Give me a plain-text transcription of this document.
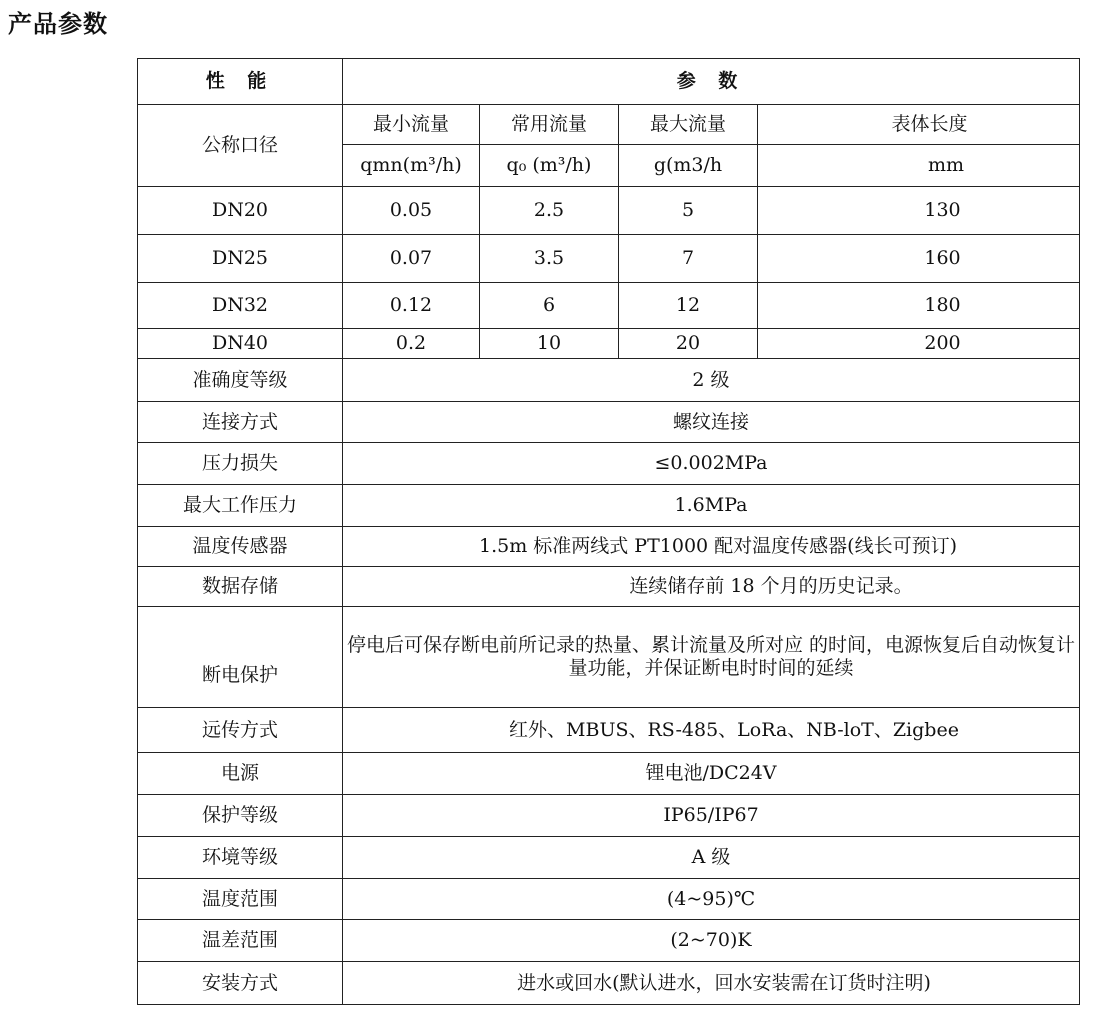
产品参数
性 能	参 数			
公称口径	最小流量	常用流量	最大流量	表体长度
	qmn(m³/h)	q₀ (m³/h)	g(m3/h	mm
DN20	0.05	2.5	5	130
DN25	0.07	3.5	7	160
DN32	0.12	6	12	180
DN40	0.2	10	20	200
准确度等级	2 级			
连接方式	螺纹连接			
压力损失	≤0.002MPa			
最大工作压力	1.6MPa			
温度传感器	1.5m 标准两线式 PT1000 配对温度传感器(线长可预订)			
数据存储	连续储存前 18 个月的历史记录。			
断电保护	停电后可保存断电前所记录的热量、累计流量及所对应 的时间，电源恢复后自动恢复计量功能，并保证断电时时间的延续			
远传方式	红外、MBUS、RS-485、LoRa、NB-loT、Zigbee			
电源	锂电池/DC24V			
保护等级	IP65/IP67			
环境等级	A 级			
温度范围	(4~95)℃			
温差范围	(2~70)K			
安装方式	进水或回水(默认进水，回水安装需在订货时注明)			
